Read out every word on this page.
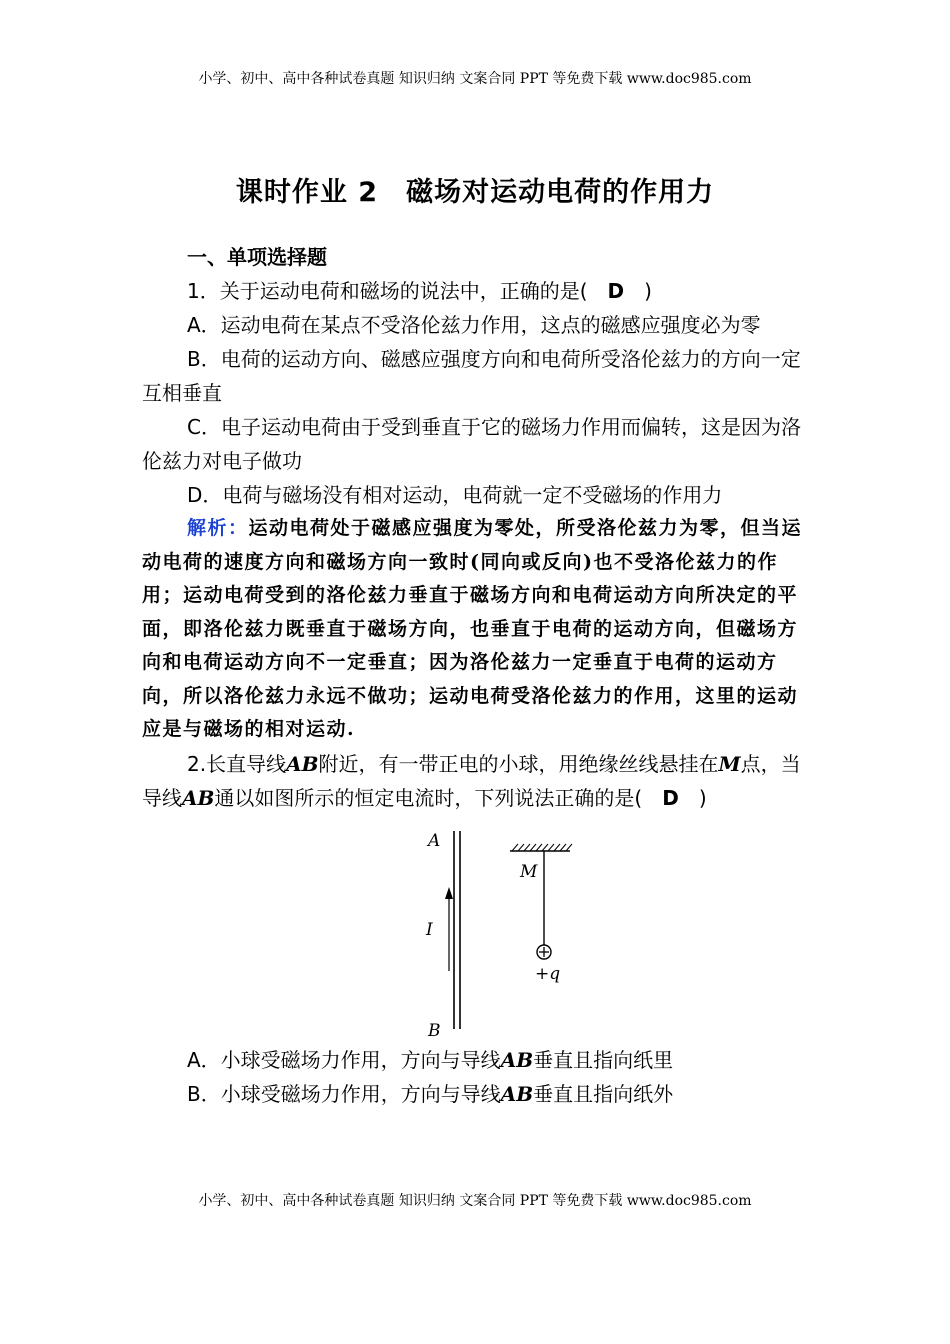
小学、初中、高中各种试卷真题 知识归纳 文案合同 PPT 等免费下载 www.doc985.com
课时作业 2　磁场对运动电荷的作用力

一、单项选择题

1．关于运动电荷和磁场的说法中，正确的是(　D　)

A．运动电荷在某点不受洛伦兹力作用，这点的磁感应强度必为零

B．电荷的运动方向、磁感应强度方向和电荷所受洛伦兹力的方向一定互相垂直

C．电子运动电荷由于受到垂直于它的磁场力作用而偏转，这是因为洛伦兹力对电子做功

D．电荷与磁场没有相对运动，电荷就一定不受磁场的作用力

解析：运动电荷处于磁感应强度为零处，所受洛伦兹力为零，但当运动电荷的速度方向和磁场方向一致时(同向或反向)也不受洛伦兹力的作用；运动电荷受到的洛伦兹力垂直于磁场方向和电荷运动方向所决定的平面，即洛伦兹力既垂直于磁场方向，也垂直于电荷的运动方向，但磁场方向和电荷运动方向不一定垂直；因为洛伦兹力一定垂直于电荷的运动方向，所以洛伦兹力永远不做功；运动电荷受洛伦兹力的作用，这里的运动应是与磁场的相对运动.

2.长直导线AB附近，有一带正电的小球，用绝缘丝线悬挂在M点，当导线AB通以如图所示的恒定电流时，下列说法正确的是(　D　)

A
B
I
M
+q

A．小球受磁场力作用，方向与导线AB垂直且指向纸里

B．小球受磁场力作用，方向与导线AB垂直且指向纸外

小学、初中、高中各种试卷真题 知识归纳 文案合同 PPT 等免费下载 www.doc985.com
